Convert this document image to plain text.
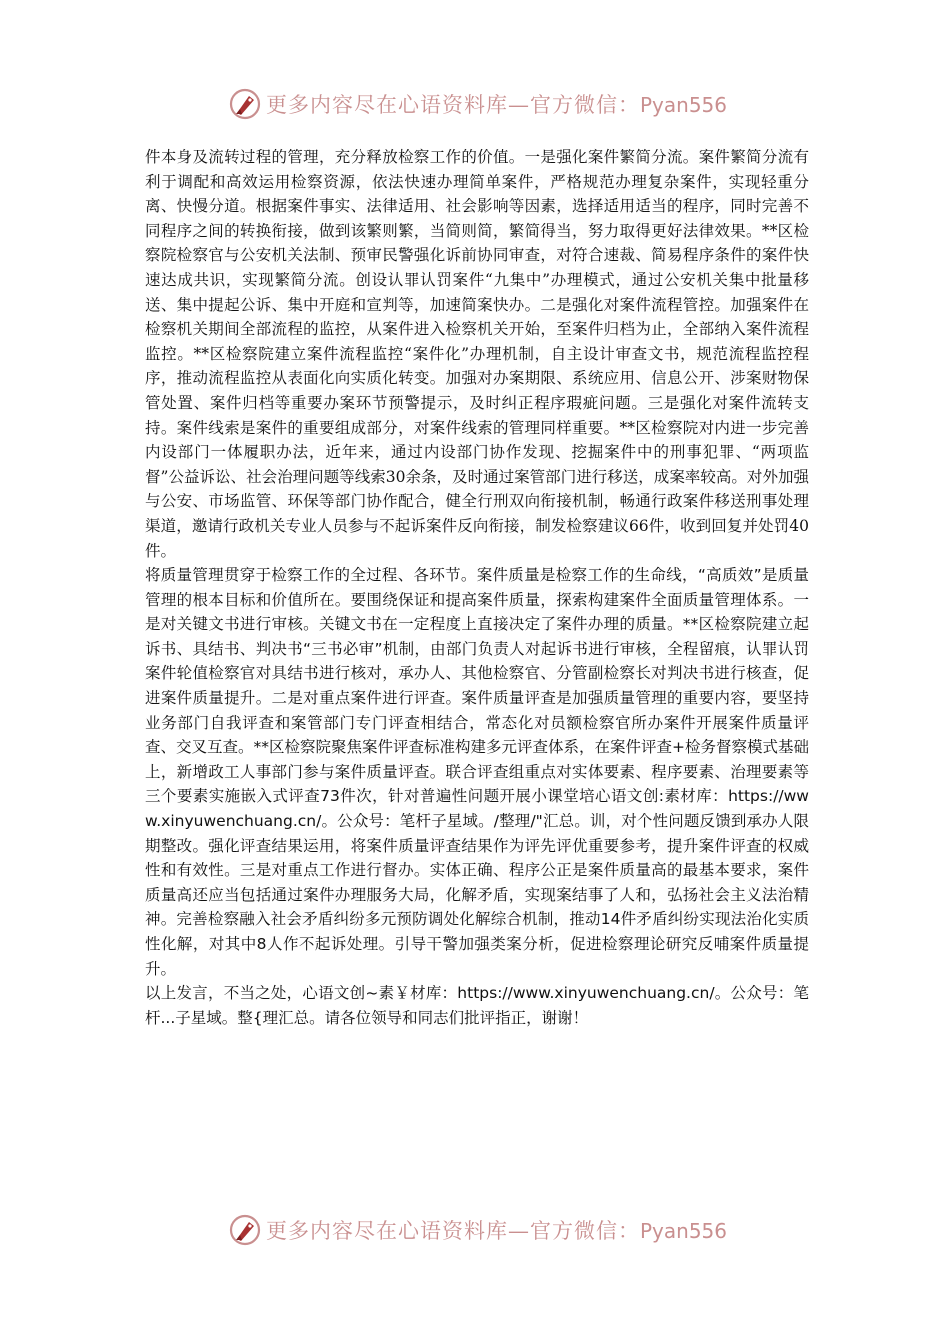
更多内容尽在心语资料库—官方微信：Pyan556

件本身及流转过程的管理，充分释放检察工作的价值。一是强化案件繁简分流。案件繁简分流有利于调配和高效运用检察资源，依法快速办理简单案件，严格规范办理复杂案件，实现轻重分离、快慢分道。根据案件事实、法律适用、社会影响等因素，选择适用适当的程序，同时完善不同程序之间的转换衔接，做到该繁则繁，当简则简，繁简得当，努力取得更好法律效果。**区检察院检察官与公安机关法制、预审民警强化诉前协同审查，对符合速裁、简易程序条件的案件快速达成共识，实现繁简分流。创设认罪认罚案件“九集中”办理模式，通过公安机关集中批量移送、集中提起公诉、集中开庭和宣判等，加速简案快办。二是强化对案件流程管控。加强案件在检察机关期间全部流程的监控，从案件进入检察机关开始，至案件归档为止，全部纳入案件流程监控。**区检察院建立案件流程监控“案件化”办理机制，自主设计审查文书，规范流程监控程序，推动流程监控从表面化向实质化转变。加强对办案期限、系统应用、信息公开、涉案财物保管处置、案件归档等重要办案环节预警提示，及时纠正程序瑕疵问题。三是强化对案件流转支持。案件线索是案件的重要组成部分，对案件线索的管理同样重要。**区检察院对内进一步完善内设部门一体履职办法，近年来，通过内设部门协作发现、挖掘案件中的刑事犯罪、“两项监督”公益诉讼、社会治理问题等线索30余条，及时通过案管部门进行移送，成案率较高。对外加强与公安、市场监管、环保等部门协作配合，健全行刑双向衔接机制，畅通行政案件移送刑事处理渠道，邀请行政机关专业人员参与不起诉案件反向衔接，制发检察建议66件，收到回复并处罚40件。

将质量管理贯穿于检察工作的全过程、各环节。案件质量是检察工作的生命线，“高质效”是质量管理的根本目标和价值所在。要围绕保证和提高案件质量，探索构建案件全面质量管理体系。一是对关键文书进行审核。关键文书在一定程度上直接决定了案件办理的质量。**区检察院建立起诉书、具结书、判决书“三书必审”机制，由部门负责人对起诉书进行审核，全程留痕，认罪认罚案件轮值检察官对具结书进行核对，承办人、其他检察官、分管副检察长对判决书进行核查，促进案件质量提升。二是对重点案件进行评查。案件质量评查是加强质量管理的重要内容，要坚持业务部门自我评查和案管部门专门评查相结合，常态化对员额检察官所办案件开展案件质量评查、交叉互查。**区检察院聚焦案件评查标准构建多元评查体系，在案件评查+检务督察模式基础上，新增政工人事部门参与案件质量评查。联合评查组重点对实体要素、程序要素、治理要素等三个要素实施嵌入式评查73件次，针对普遍性问题开展小课堂培心语文创:素材库：https://www.xinyuwenchuang.cn/。公众号：笔杆子星域。/整理/"汇总。训，对个性问题反馈到承办人限期整改。强化评查结果运用，将案件质量评查结果作为评先评优重要参考，提升案件评查的权威性和有效性。三是对重点工作进行督办。实体正确、程序公正是案件质量高的最基本要求，案件质量高还应当包括通过案件办理服务大局，化解矛盾，实现案结事了人和，弘扬社会主义法治精神。完善检察融入社会矛盾纠纷多元预防调处化解综合机制，推动14件矛盾纠纷实现法治化实质性化解，对其中8人作不起诉处理。引导干警加强类案分析，促进检察理论研究反哺案件质量提升。

以上发言，不当之处，心语文创~素￥材库：https://www.xinyuwenchuang.cn/。公众号：笔杆...子星域。整{理汇总。请各位领导和同志们批评指正，谢谢！

更多内容尽在心语资料库—官方微信：Pyan556
